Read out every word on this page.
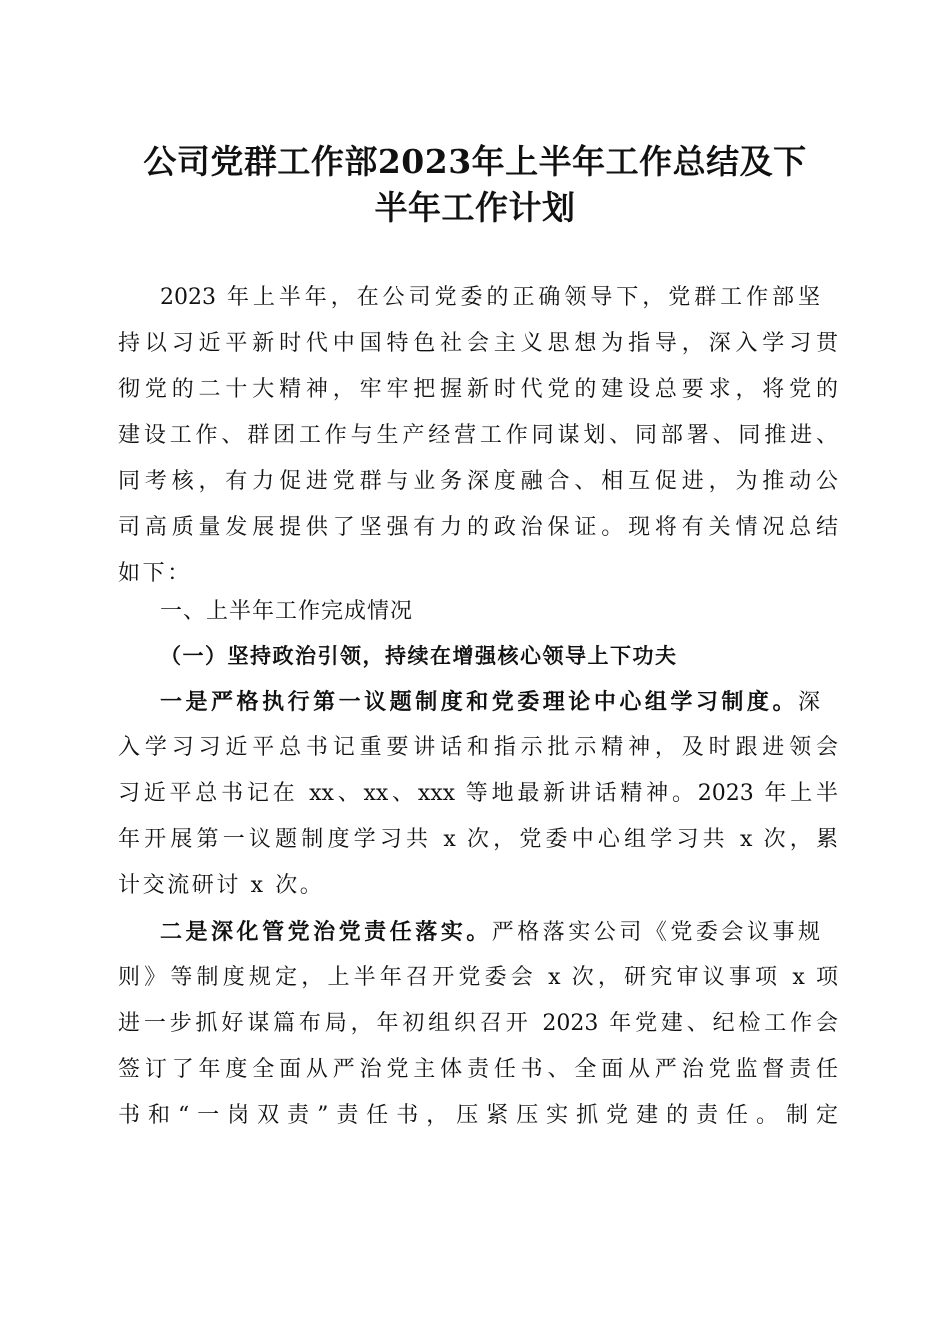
公司党群工作部2023年上半年工作总结及下
半年工作计划
2023 年上半年，在公司党委的正确领导下，党群工作部坚
持以习近平新时代中国特色社会主义思想为指导，深入学习贯
彻党的二十大精神，牢牢把握新时代党的建设总要求，将党的
建设工作、群团工作与生产经营工作同谋划、同部署、同推进、
同考核，有力促进党群与业务深度融合、相互促进，为推动公
司高质量发展提供了坚强有力的政治保证。现将有关情况总结
如下：
一、上半年工作完成情况
（一）坚持政治引领，持续在增强核心领导上下功夫
一是严格执行第一议题制度和党委理论中心组学习制度。深
入学习习近平总书记重要讲话和指示批示精神，及时跟进领会
习近平总书记在 xx、xx、xxx 等地最新讲话精神。2023 年上半
年开展第一议题制度学习共 x 次，党委中心组学习共 x 次，累
计交流研讨 x 次。
二是深化管党治党责任落实。严格落实公司《党委会议事规
则》等制度规定，上半年召开党委会 x 次，研究审议事项 x 项
进一步抓好谋篇布局，年初组织召开 2023 年党建、纪检工作会
签订了年度全面从严治党主体责任书、全面从严治党监督责任
书和“一岗双责”责任书，压紧压实抓党建的责任。制定
